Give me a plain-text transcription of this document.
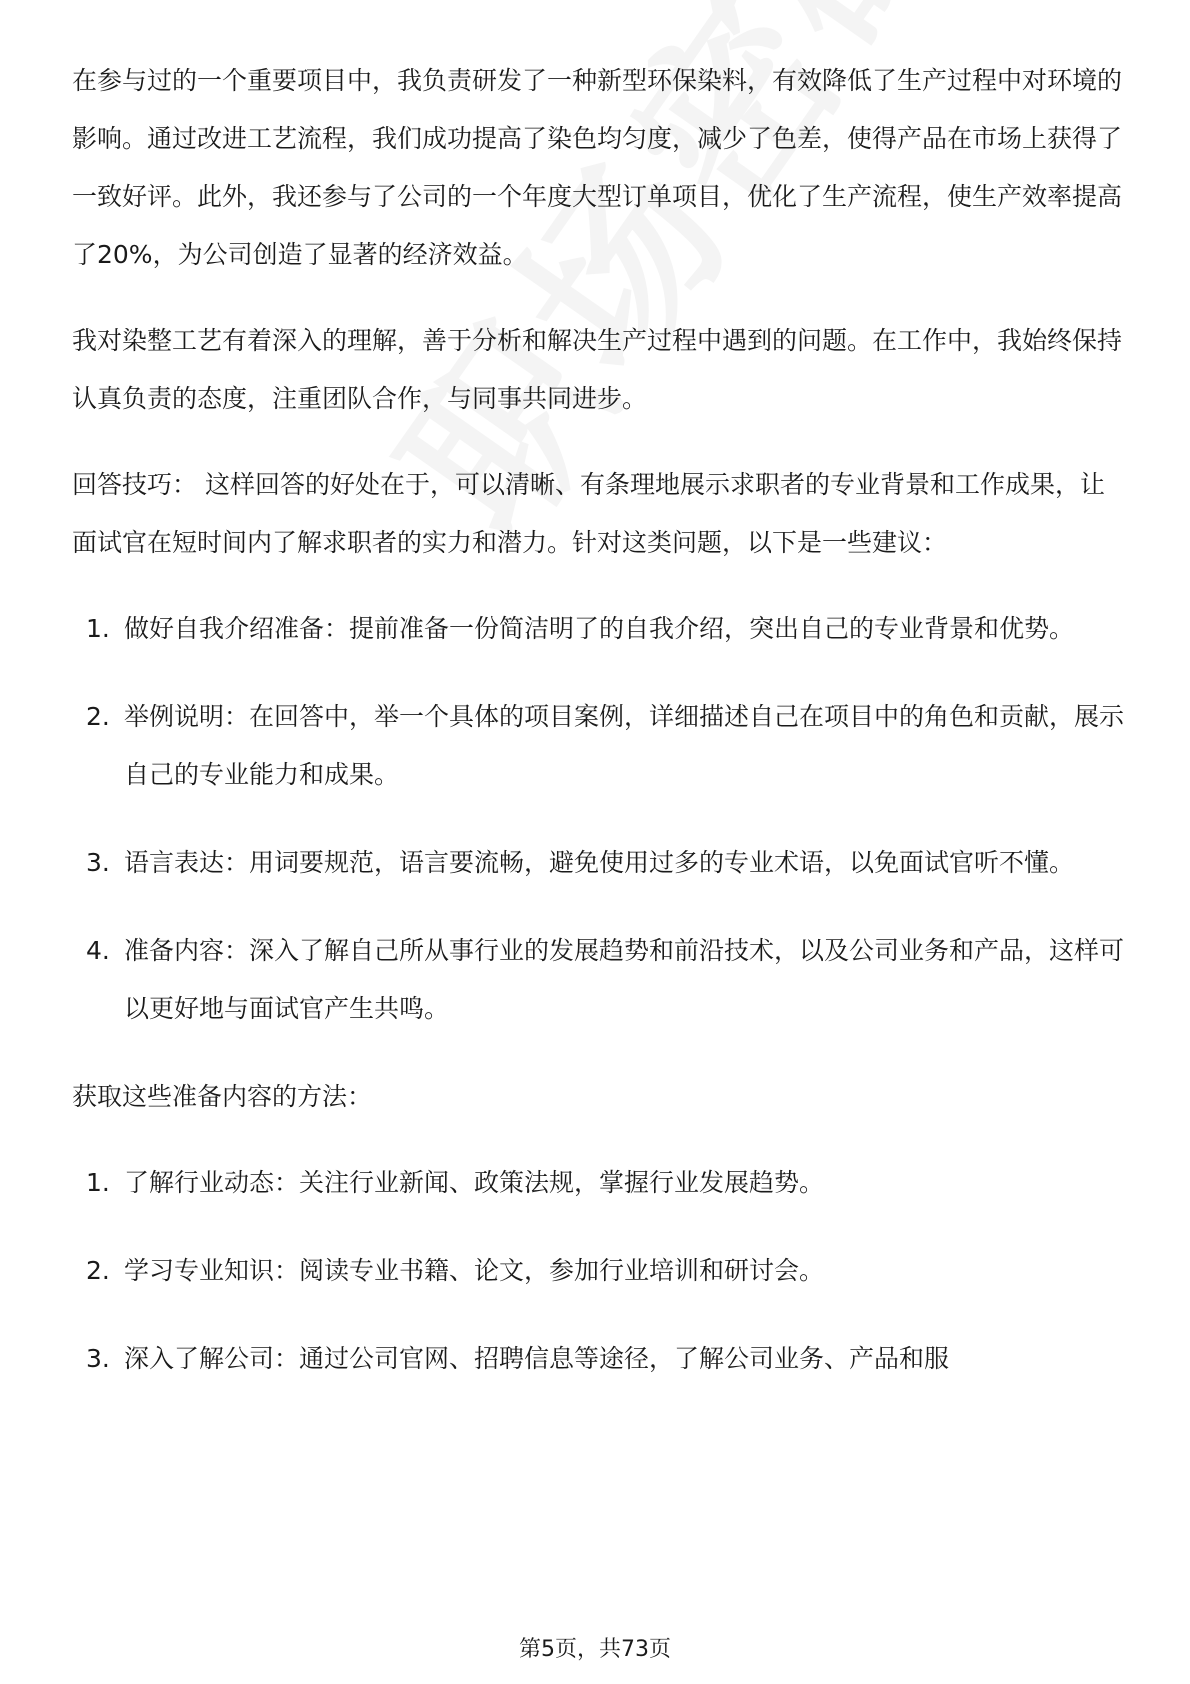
在参与过的一个重要项目中，我负责研发了一种新型环保染料，有效降低了生产过程中对环境的影响。通过改进工艺流程，我们成功提高了染色均匀度，减少了色差，使得产品在市场上获得了一致好评。此外，我还参与了公司的一个年度大型订单项目，优化了生产流程，使生产效率提高了20%，为公司创造了显著的经济效益。

我对染整工艺有着深入的理解，善于分析和解决生产过程中遇到的问题。在工作中，我始终保持认真负责的态度，注重团队合作，与同事共同进步。

回答技巧： 这样回答的好处在于，可以清晰、有条理地展示求职者的专业背景和工作成果，让面试官在短时间内了解求职者的实力和潜力。针对这类问题，以下是一些建议：

1. 做好自我介绍准备：提前准备一份简洁明了的自我介绍，突出自己的专业背景和优势。
2. 举例说明：在回答中，举一个具体的项目案例，详细描述自己在项目中的角色和贡献，展示自己的专业能力和成果。
3. 语言表达：用词要规范，语言要流畅，避免使用过多的专业术语，以免面试官听不懂。
4. 准备内容：深入了解自己所从事行业的发展趋势和前沿技术，以及公司业务和产品，这样可以更好地与面试官产生共鸣。

获取这些准备内容的方法：

1. 了解行业动态：关注行业新闻、政策法规，掌握行业发展趋势。
2. 学习专业知识：阅读专业书籍、论文，参加行业培训和研讨会。
3. 深入了解公司：通过公司官网、招聘信息等途径，了解公司业务、产品和服
第5页，共73页
